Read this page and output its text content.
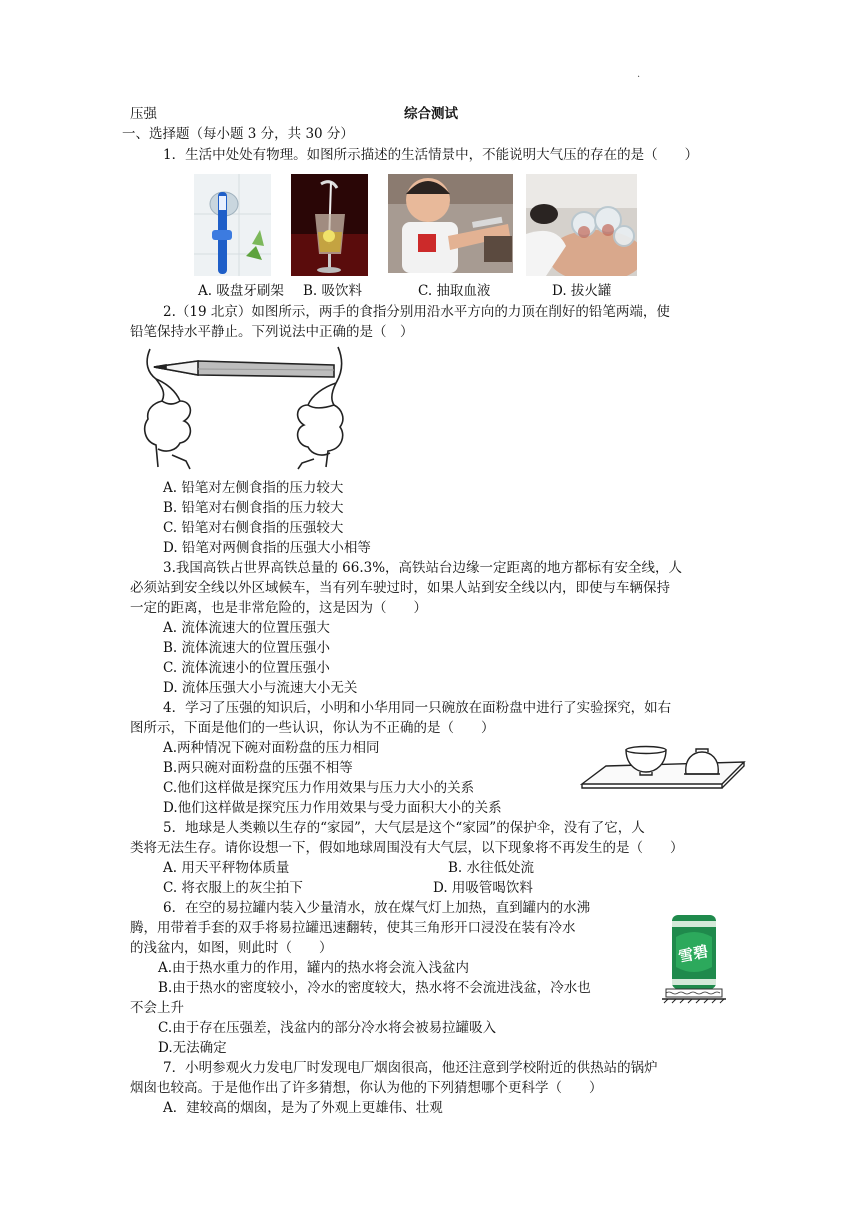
·
压强	综合测试
一、选择题（每小题 3 分，共 30 分）
1．生活中处处有物理。如图所示描述的生活情景中，不能说明大气压的存在的是（　　）
A. 吸盘牙刷架 B. 吸饮料	C. 抽取血液	D. 拔火罐
2.（19 北京）如图所示，两手的食指分别用沿水平方向的力顶在削好的铅笔两端，使
铅笔保持水平静止。下列说法中正确的是（　）
A. 铅笔对左侧食指的压力较大
B. 铅笔对右侧食指的压力较大
C. 铅笔对右侧食指的压强较大
D. 铅笔对两侧食指的压强大小相等
3.我国高铁占世界高铁总量的 66.3%，高铁站台边缘一定距离的地方都标有安全线，人
必须站到安全线以外区域候车，当有列车驶过时，如果人站到安全线以内，即使与车辆保持
一定的距离，也是非常危险的，这是因为（　　）
A. 流体流速大的位置压强大
B. 流体流速大的位置压强小
C. 流体流速小的位置压强小
D. 流体压强大小与流速大小无关
4．学习了压强的知识后，小明和小华用同一只碗放在面粉盘中进行了实验探究，如右
图所示，下面是他们的一些认识，你认为不正确的是（　　）
A.两种情况下碗对面粉盘的压力相同
B.两只碗对面粉盘的压强不相等
C.他们这样做是探究压力作用效果与压力大小的关系
D.他们这样做是探究压力作用效果与受力面积大小的关系
5．地球是人类赖以生存的“家园”，大气层是这个“家园”的保护伞，没有了它，人
类将无法生存。请你设想一下，假如地球周围没有大气层，以下现象将不再发生的是（　　）
A. 用天平秤物体质量	B. 水往低处流
C. 将衣服上的灰尘拍下	D. 用吸管喝饮料
6．在空的易拉罐内装入少量清水，放在煤气灯上加热，直到罐内的水沸
腾，用带着手套的双手将易拉罐迅速翻转，使其三角形开口浸没在装有冷水
的浅盆内，如图，则此时（　　）
A.由于热水重力的作用，罐内的热水将会流入浅盆内
B.由于热水的密度较小，冷水的密度较大，热水将不会流进浅盆，冷水也
不会上升
C.由于存在压强差，浅盆内的部分冷水将会被易拉罐吸入
D.无法确定
雪碧
7．小明参观火力发电厂时发现电厂烟囱很高，他还注意到学校附近的供热站的锅炉
烟囱也较高。于是他作出了许多猜想，你认为他的下列猜想哪个更科学（　　）
A．建较高的烟囱，是为了外观上更雄伟、壮观
